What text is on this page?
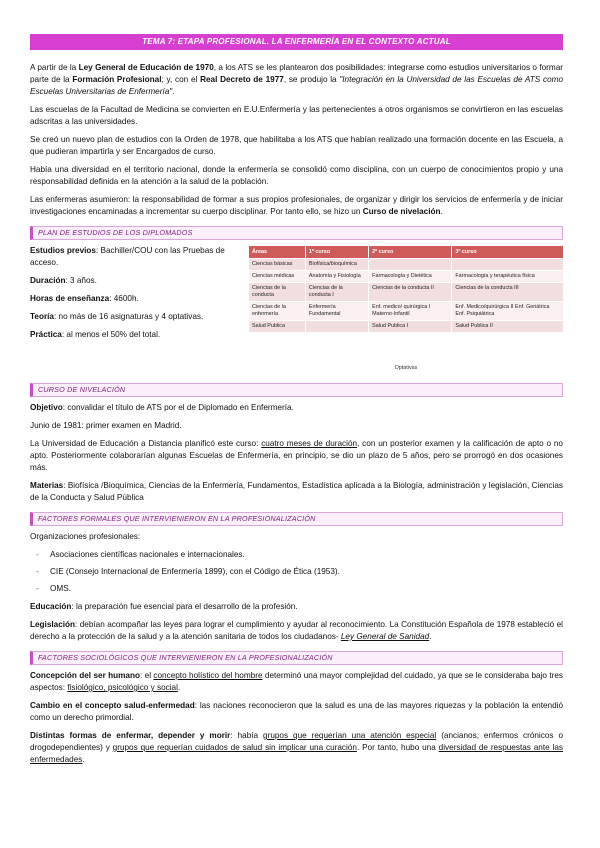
TEMA 7: ETAPA PROFESIONAL. LA ENFERMERÍA EN EL CONTEXTO ACTUAL

A partir de la Ley General de Educación de 1970, a los ATS se les plantearon dos posibilidades: integrarse como estudios universitarios o formar parte de la Formación Profesional; y, con el Real Decreto de 1977, se produjo la "Integración en la Universidad de las Escuelas de ATS como Escuelas Universitarias de Enfermería".

Las escuelas de la Facultad de Medicina se convierten en E.U.Enfermería y las pertenecientes a otros organismos se convirtieron en las escuelas adscritas a las universidades.

Se creó un nuevo plan de estudios con la Orden de 1978, que habilitaba a los ATS que habían realizado una formación docente en las Escuela, a que pudieran impartirla y ser Encargados de curso.

Había una diversidad en el territorio nacional, donde la enfermería se consolidó como disciplina, con un cuerpo de conocimientos propio y una responsabilidad definida en la atención a la salud de la población.

Las enfermeras asumieron: la responsabilidad de formar a sus propios profesionales, de organizar y dirigir los servicios de enfermería y de iniciar investigaciones encaminadas a incrementar su cuerpo disciplinar. Por tanto ello, se hizo un Curso de nivelación.

PLAN DE ESTUDIOS DE LOS DIPLOMADOS

Estudios previos: Bachiller/COU con las Pruebas de acceso.

Duración: 3 años.

Horas de enseñanza: 4600h.

Teoría: no más de 16 asignaturas y 4 optativas.

Práctica: al menos el 50% del total.

Áreas	1º curso	2º curso	3º curso
Ciencias básicas	Biofísica/bioquímica		
Ciencias médicas	Anatomía y Fisiología	Farmacología y Dietética	Farmacología y terapéutica física
Ciencias de la conducta	Ciencias de la conducta I	Ciencias de la conducta II	Ciencias de la conducta III
Ciencias de la enfermería	Enfermería Fundamental	Enf. medico/ quirúrgica I Materno-Infantil	Enf. Medico/quirúrgica II Enf. Geriátrica Enf. Psiquiátrica
Salud Publica		Salud Publica I	Salud Publica II
Optativas
CURSO DE NIVELACIÓN

Objetivo: convalidar el título de ATS por el de Diplomado en Enfermería.

Junio de 1981: primer examen en Madrid.

La Universidad de Educación a Distancia planificó este curso: cuatro meses de duración, con un posterior examen y la calificación de apto o no apto. Posteriormente colaborarían algunas Escuelas de Enfermería, en principio, se dio un plazo de 5 años, pero se prorrogó en dos ocasiones más.

Materias: Biofísica /Bioquímica, Ciencias de la Enfermería, Fundamentos, Estadística aplicada a la Biología, administración y legislación, Ciencias de la Conducta y Salud Pública

FACTORES FORMALES QUE INTERVIENIERON EN LA PROFESIONALIZACIÓN

Organizaciones profesionales:

- Asociaciones científicas nacionales e internacionales.
- CIE (Consejo Internacional de Enfermería 1899), con el Código de Ética (1953).
- OMS.

Educación: la preparación fue esencial para el desarrollo de la profesión.

Legislación: debían acompañar las leyes para lograr el cumplimiento y ayudar al reconocimiento. La Constitución Española de 1978 estableció el derecho a la protección de la salud y a la atención sanitaria de todos los ciudadanos- Ley General de Sanidad.

FACTORES SOCIOLÓGICOS QUE INTERVIENIERON EN LA PROFESIONALIZACIÓN

Concepción del ser humano: el concepto holístico del hombre determinó una mayor complejidad del cuidado, ya que se le consideraba bajo tres aspectos: fisiológico, psicológico y social.

Cambio en el concepto salud-enfermedad: las naciones reconocieron que la salud es una de las mayores riquezas y la población la entendió como un derecho primordial.

Distintas formas de enfermar, depender y morir: había grupos que requerían una atención especial (ancianos, enfermos crónicos o drogodependientes) y grupos que requerían cuidados de salud sin implicar una curación. Por tanto, hubo una diversidad de respuestas ante las enfermedades.
